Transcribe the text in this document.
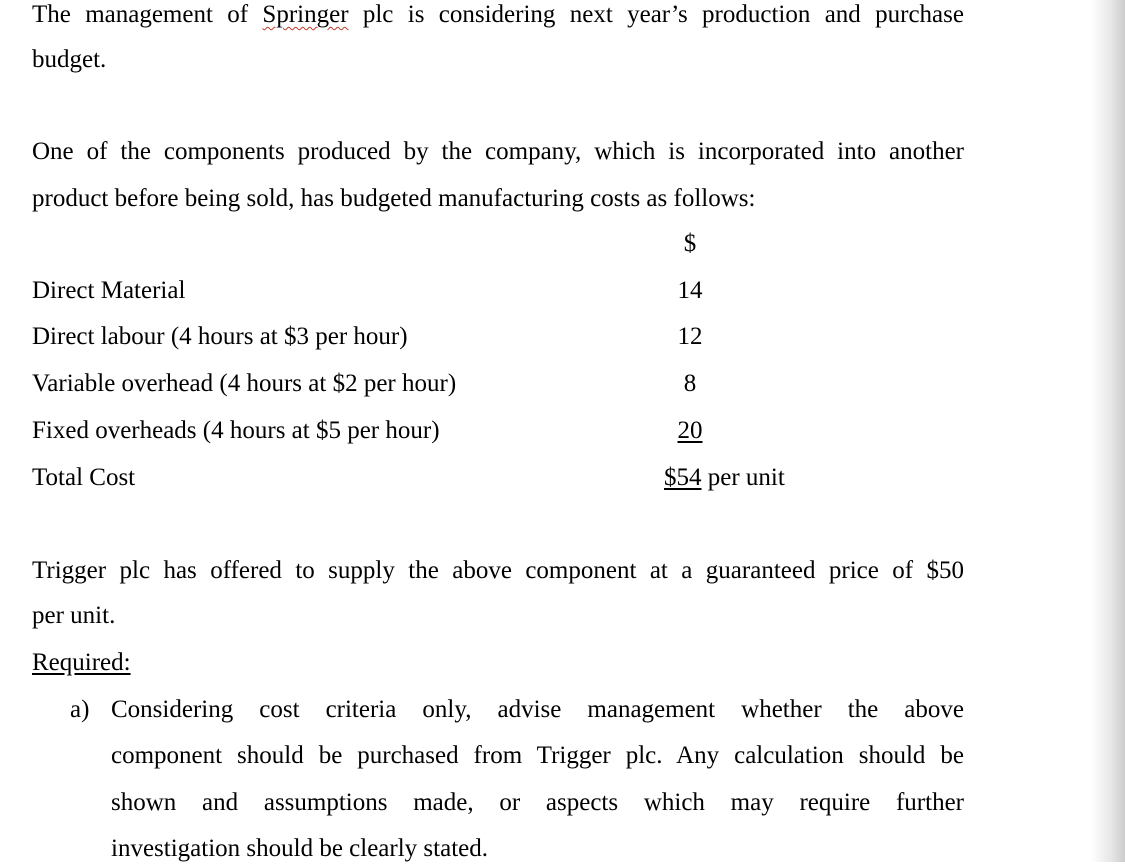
The management of Springer plc is considering next year’s production and purchase
budget.
One of the components produced by the company, which is incorporated into another
product before being sold, has budgeted manufacturing costs as follows:
$
Direct Material	14
Direct labour (4 hours at $3 per hour)	12
Variable overhead (4 hours at $2 per hour)	8
Fixed overheads (4 hours at $5 per hour)	20
Total Cost	$54 per unit
Trigger plc has offered to supply the above component at a guaranteed price of $50
per unit.
Required:
a) Considering cost criteria only, advise management whether the above
component should be purchased from Trigger plc. Any calculation should be
shown and assumptions made, or aspects which may require further
investigation should be clearly stated.
